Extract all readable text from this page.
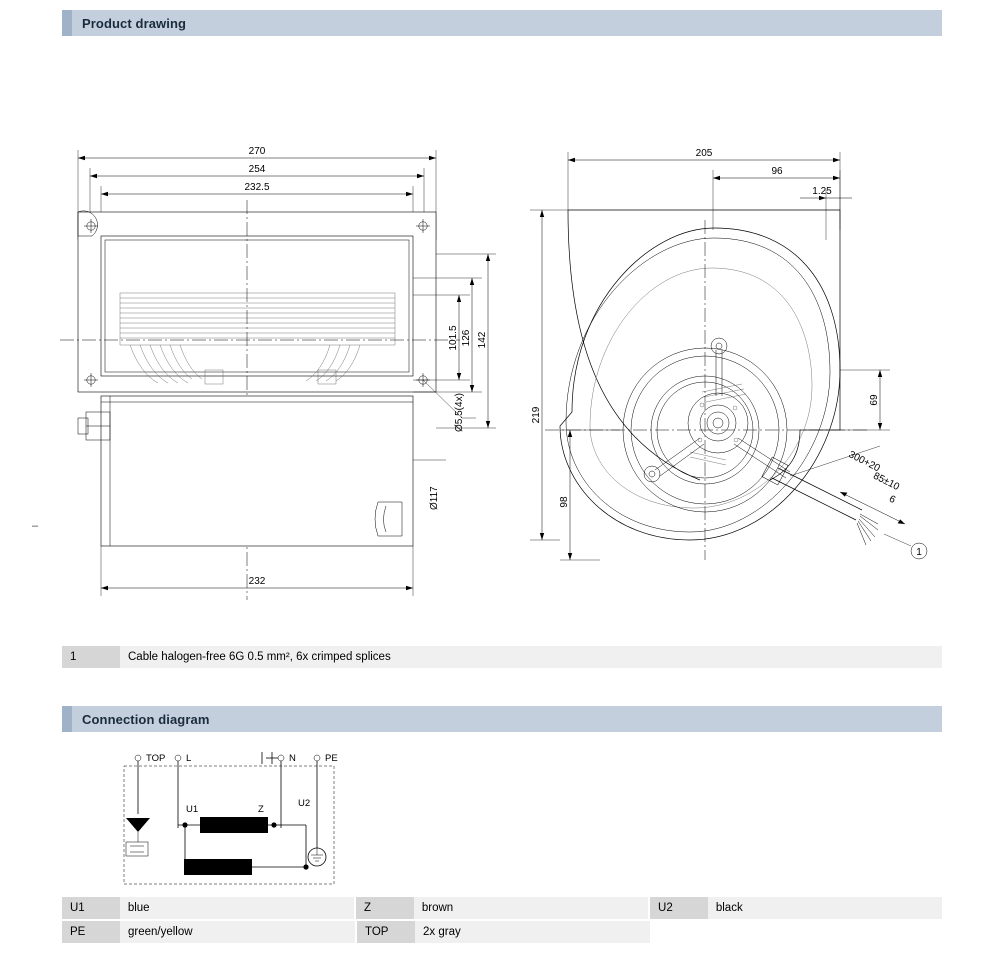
Product drawing
–
270
254
232.5
101.5 126 142
Ø5.5(4x)
Ø117
232
205
96
1.25
219
98
69
300+20
85±10
6
1
1	Cable halogen-free 6G 0.5 mm², 6x crimped splices
Connection diagram
TOP L	N	PE
U1	Z
U2
U1	blue	Z	brown	U2	black
PE	green/yellow	TOP	2x gray
